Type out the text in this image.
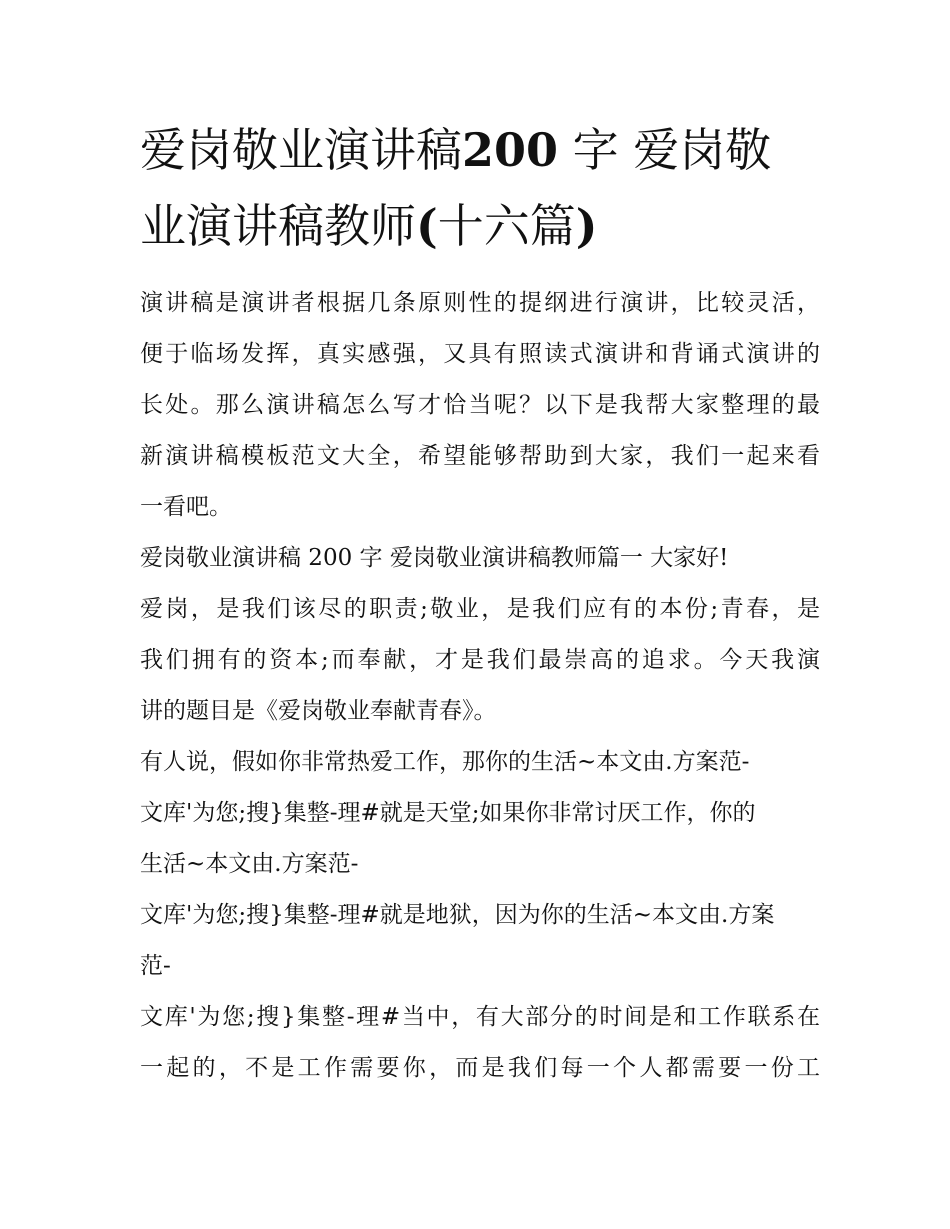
爱岗敬业演讲稿200 字 爱岗敬
业演讲稿教师(十六篇)
演讲稿是演讲者根据几条原则性的提纲进行演讲，比较灵活，
便于临场发挥，真实感强，又具有照读式演讲和背诵式演讲的
长处。那么演讲稿怎么写才恰当呢？以下是我帮大家整理的最
新演讲稿模板范文大全，希望能够帮助到大家，我们一起来看
一看吧。
爱岗敬业演讲稿 200 字 爱岗敬业演讲稿教师篇一 大家好!
爱岗，是我们该尽的职责;敬业，是我们应有的本份;青春，是
我们拥有的资本;而奉献，才是我们最崇高的追求。今天我演
讲的题目是《爱岗敬业奉献青春》。
有人说，假如你非常热爱工作，那你的生活~本文由.方案范-
文库'为您;搜}集整-理#就是天堂;如果你非常讨厌工作，你的
生活~本文由.方案范-
文库'为您;搜}集整-理#就是地狱，因为你的生活~本文由.方案
范-
文库'为您;搜}集整-理#当中，有大部分的时间是和工作联系在
一起的，不是工作需要你，而是我们每一个人都需要一份工
